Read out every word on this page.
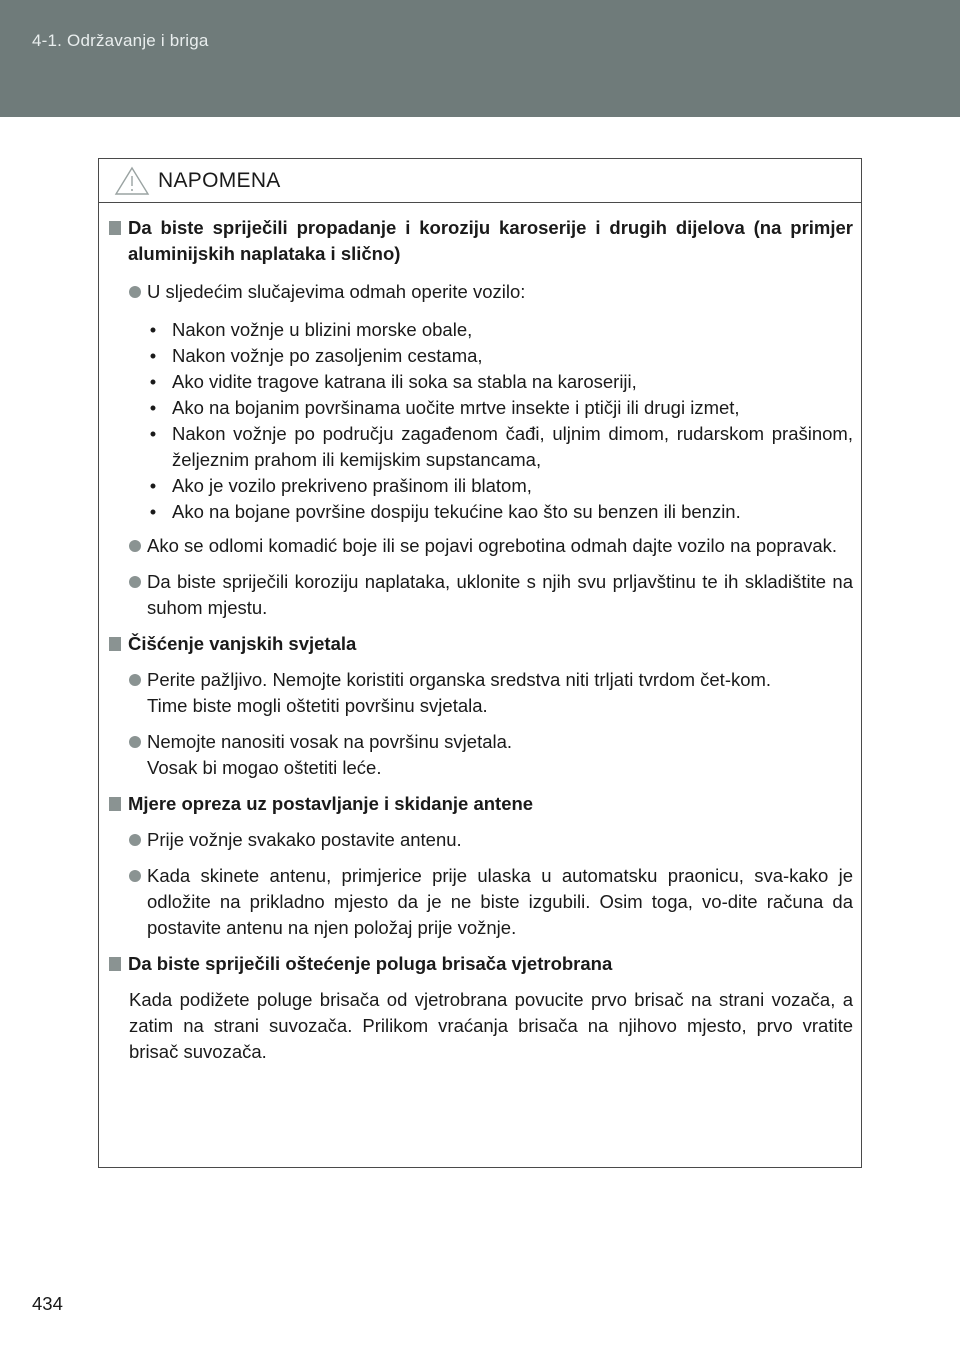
4-1. Održavanje i briga
NAPOMENA
Da biste spriječili propadanje i koroziju karoserije i drugih dijelova (na primjer aluminijskih naplataka i slično)
U sljedećim slučajevima odmah operite vozilo:
• Nakon vožnje u blizini morske obale,
• Nakon vožnje po zasoljenim cestama,
• Ako vidite tragove katrana ili soka sa stabla na karoseriji,
• Ako na bojanim površinama uočite mrtve insekte i ptičji ili drugi izmet,
• Nakon vožnje po području zagađenom čađi, uljnim dimom, rudarskom prašinom, željeznim prahom ili kemijskim supstancama,
• Ako je vozilo prekriveno prašinom ili blatom,
• Ako na bojane površine dospiju tekućine kao što su benzen ili benzin.
Ako se odlomi komadić boje ili se pojavi ogrebotina odmah dajte vozilo na popravak.
Da biste spriječili koroziju naplataka, uklonite s njih svu prljavštinu te ih skladištite na suhom mjestu.
Čišćenje vanjskih svjetala
Perite pažljivo. Nemojte koristiti organska sredstva niti trljati tvrdom čet-kom.
Time biste mogli oštetiti površinu svjetala.
Nemojte nanositi vosak na površinu svjetala.
Vosak bi mogao oštetiti leće.
Mjere opreza uz postavljanje i skidanje antene
Prije vožnje svakako postavite antenu.
Kada skinete antenu, primjerice prije ulaska u automatsku praonicu, sva-kako je odložite na prikladno mjesto da je ne biste izgubili. Osim toga, vo-dite računa da postavite antenu na njen položaj prije vožnje.
Da biste spriječili oštećenje poluga brisača vjetrobrana
Kada podižete poluge brisača od vjetrobrana povucite prvo brisač na strani vozača, a zatim na strani suvozača. Prilikom vraćanja brisača na njihovo mjesto, prvo vratite brisač suvozača.
434
